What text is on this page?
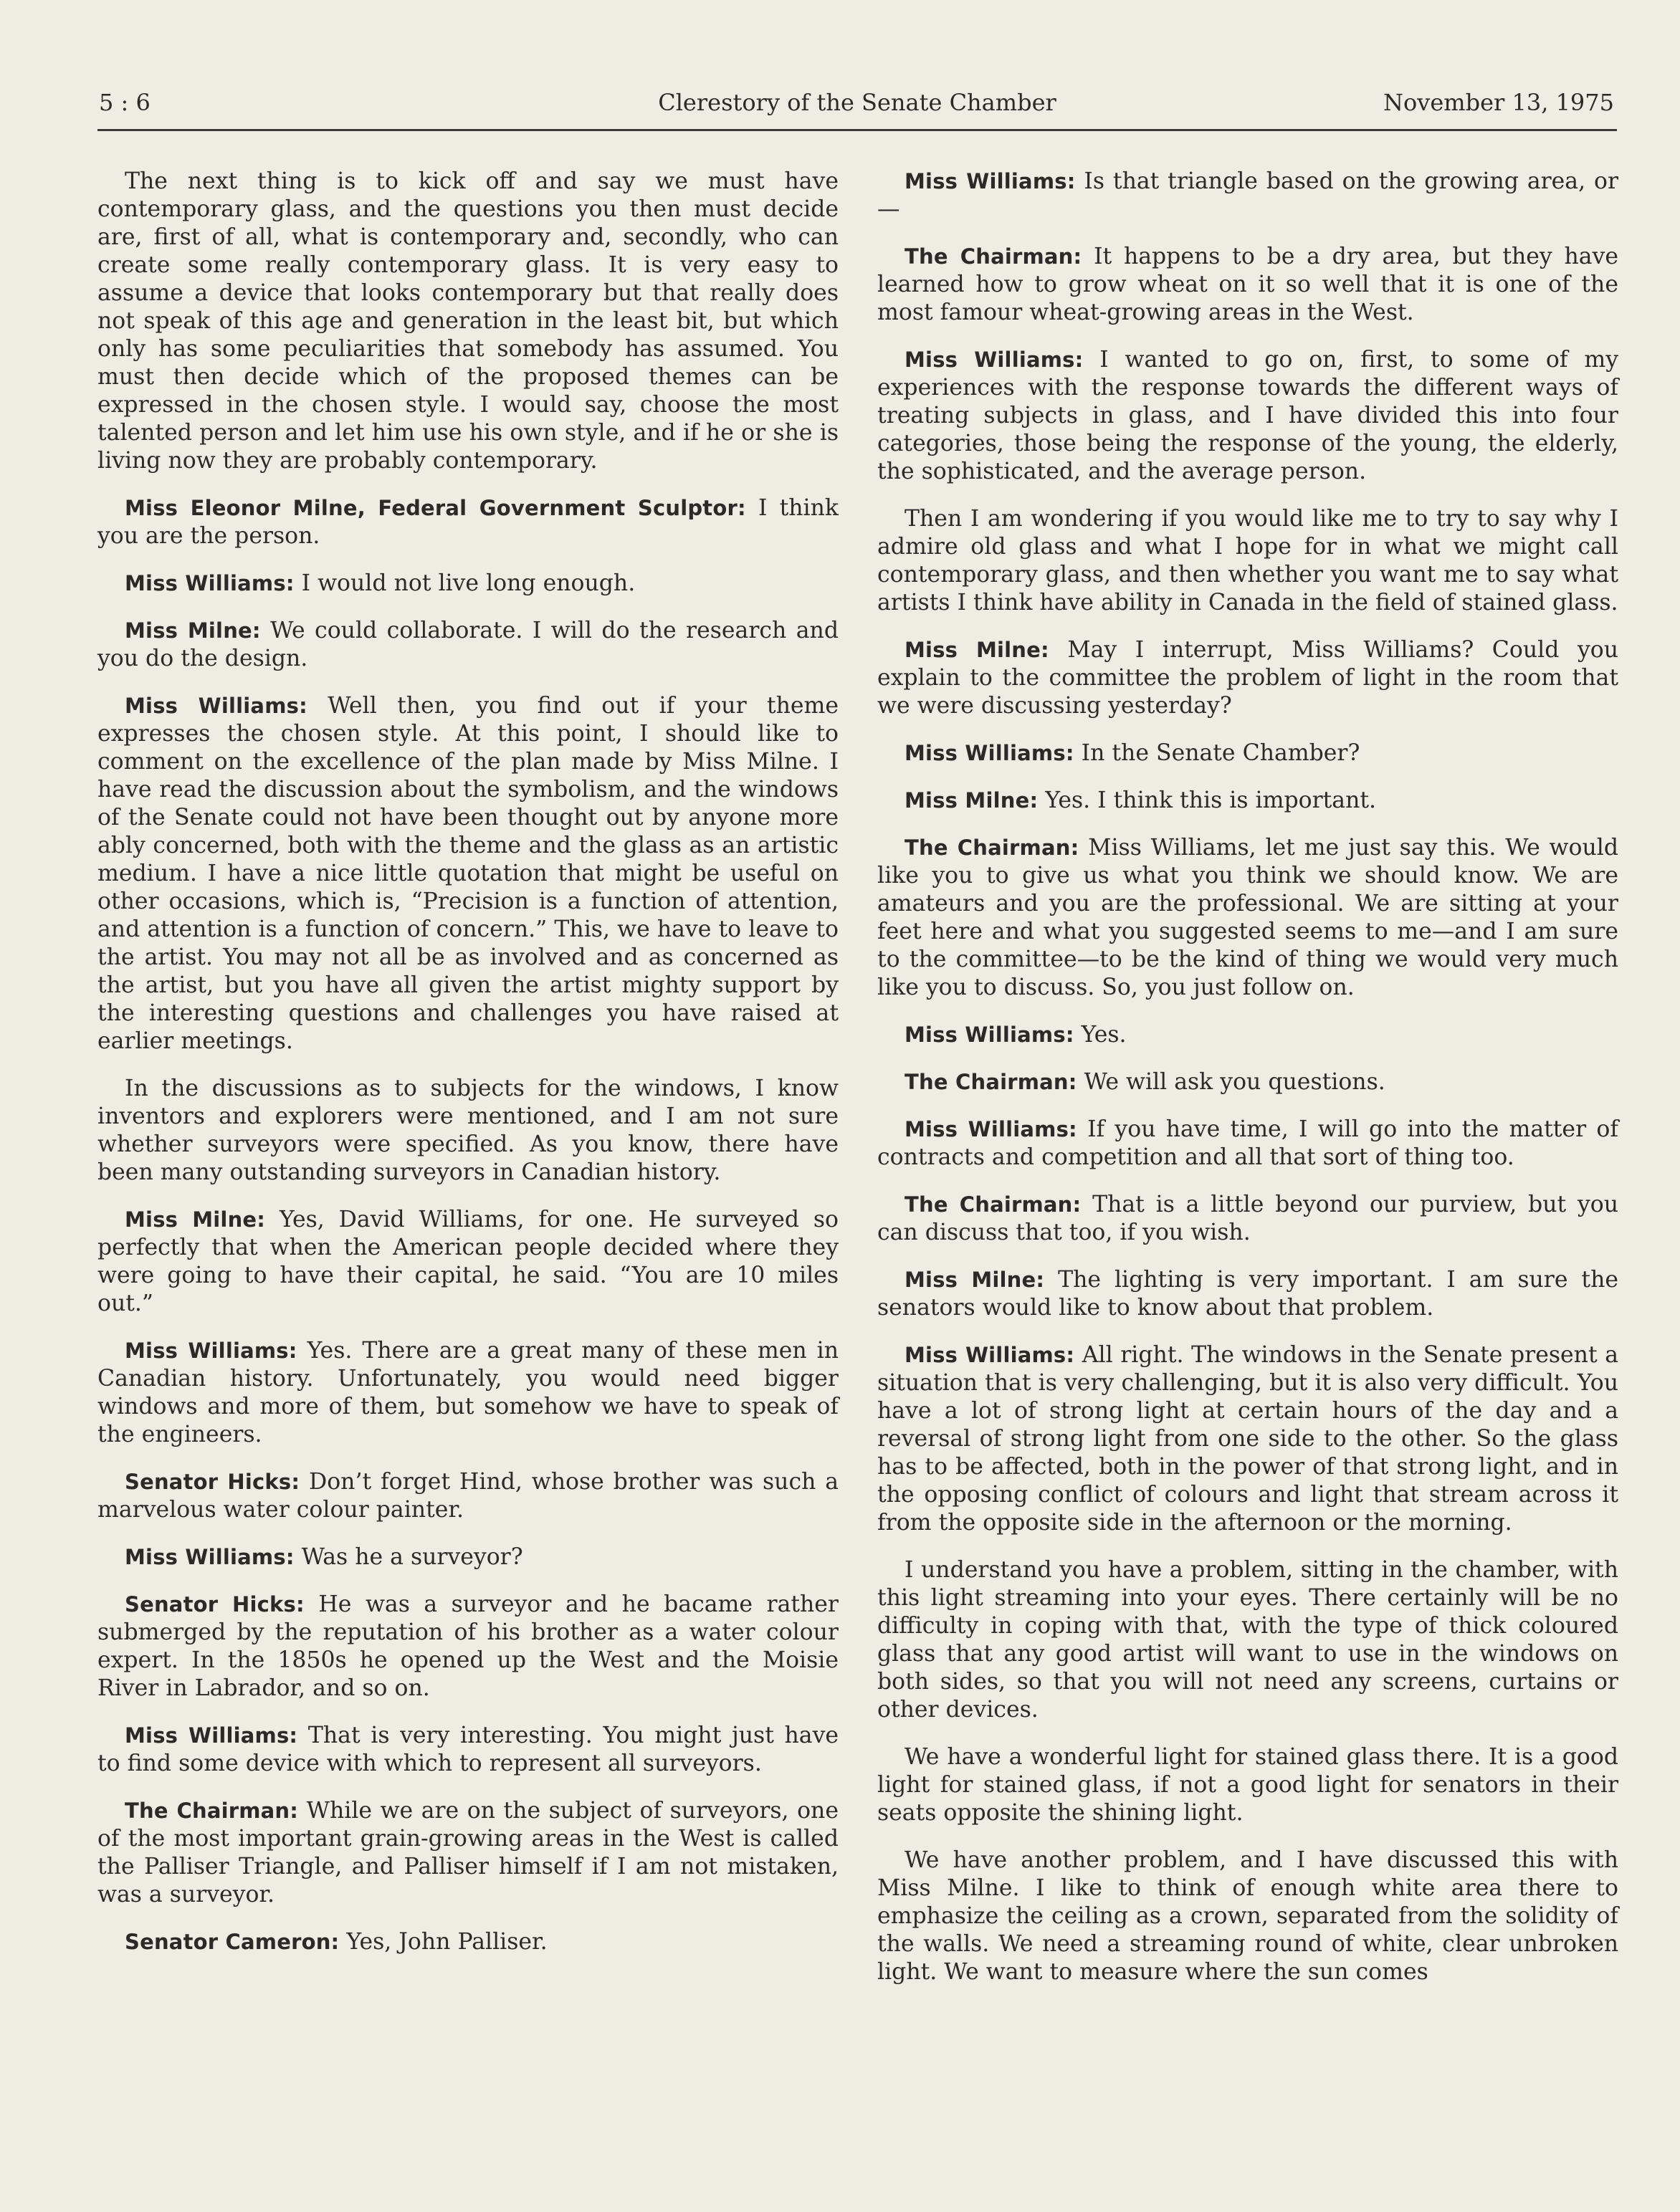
5 : 6	Clerestory of the Senate Chamber	November 13, 1975

The next thing is to kick off and say we must have contemporary glass, and the questions you then must decide are, first of all, what is contemporary and, secondly, who can create some really contemporary glass. It is very easy to assume a device that looks contemporary but that really does not speak of this age and generation in the least bit, but which only has some peculiarities that somebody has assumed. You must then decide which of the proposed themes can be expressed in the chosen style. I would say, choose the most talented person and let him use his own style, and if he or she is living now they are probably contemporary.

Miss Eleonor Milne, Federal Government Sculptor: I think you are the person.

Miss Williams: I would not live long enough.

Miss Milne: We could collaborate. I will do the research and you do the design.

Miss Williams: Well then, you find out if your theme expresses the chosen style. At this point, I should like to comment on the excellence of the plan made by Miss Milne. I have read the discussion about the symbolism, and the windows of the Senate could not have been thought out by anyone more ably concerned, both with the theme and the glass as an artistic medium. I have a nice little quotation that might be useful on other occasions, which is, “Precision is a function of attention, and attention is a function of concern.” This, we have to leave to the artist. You may not all be as involved and as concerned as the artist, but you have all given the artist mighty support by the interesting questions and challenges you have raised at earlier meetings.

In the discussions as to subjects for the windows, I know inventors and explorers were mentioned, and I am not sure whether surveyors were specified. As you know, there have been many outstanding surveyors in Canadian history.

Miss Milne: Yes, David Williams, for one. He surveyed so perfectly that when the American people decided where they were going to have their capital, he said. “You are 10 miles out.”

Miss Williams: Yes. There are a great many of these men in Canadian history. Unfortunately, you would need bigger windows and more of them, but somehow we have to speak of the engineers.

Senator Hicks: Don’t forget Hind, whose brother was such a marvelous water colour painter.

Miss Williams: Was he a surveyor?

Senator Hicks: He was a surveyor and he bacame rather submerged by the reputation of his brother as a water colour expert. In the 1850s he opened up the West and the Moisie River in Labrador, and so on.

Miss Williams: That is very interesting. You might just have to find some device with which to represent all surveyors.

The Chairman: While we are on the subject of surveyors, one of the most important grain-growing areas in the West is called the Palliser Triangle, and Palliser himself if I am not mistaken, was a surveyor.

Senator Cameron: Yes, John Palliser.

Miss Williams: Is that triangle based on the growing area, or—

The Chairman: It happens to be a dry area, but they have learned how to grow wheat on it so well that it is one of the most famour wheat-growing areas in the West.

Miss Williams: I wanted to go on, first, to some of my experiences with the response towards the different ways of treating subjects in glass, and I have divided this into four categories, those being the response of the young, the elderly, the sophisticated, and the average person.

Then I am wondering if you would like me to try to say why I admire old glass and what I hope for in what we might call contemporary glass, and then whether you want me to say what artists I think have ability in Canada in the field of stained glass.

Miss Milne: May I interrupt, Miss Williams? Could you explain to the committee the problem of light in the room that we were discussing yesterday?

Miss Williams: In the Senate Chamber?

Miss Milne: Yes. I think this is important.

The Chairman: Miss Williams, let me just say this. We would like you to give us what you think we should know. We are amateurs and you are the professional. We are sitting at your feet here and what you suggested seems to me—and I am sure to the committee—to be the kind of thing we would very much like you to discuss. So, you just follow on.

Miss Williams: Yes.

The Chairman: We will ask you questions.

Miss Williams: If you have time, I will go into the matter of contracts and competition and all that sort of thing too.

The Chairman: That is a little beyond our purview, but you can discuss that too, if you wish.

Miss Milne: The lighting is very important. I am sure the senators would like to know about that problem.

Miss Williams: All right. The windows in the Senate present a situation that is very challenging, but it is also very difficult. You have a lot of strong light at certain hours of the day and a reversal of strong light from one side to the other. So the glass has to be affected, both in the power of that strong light, and in the opposing conflict of colours and light that stream across it from the opposite side in the afternoon or the morning.

I understand you have a problem, sitting in the chamber, with this light streaming into your eyes. There certainly will be no difficulty in coping with that, with the type of thick coloured glass that any good artist will want to use in the windows on both sides, so that you will not need any screens, curtains or other devices.

We have a wonderful light for stained glass there. It is a good light for stained glass, if not a good light for senators in their seats opposite the shining light.

We have another problem, and I have discussed this with Miss Milne. I like to think of enough white area there to emphasize the ceiling as a crown, separated from the solidity of the walls. We need a streaming round of white, clear unbroken light. We want to measure where the sun comes
